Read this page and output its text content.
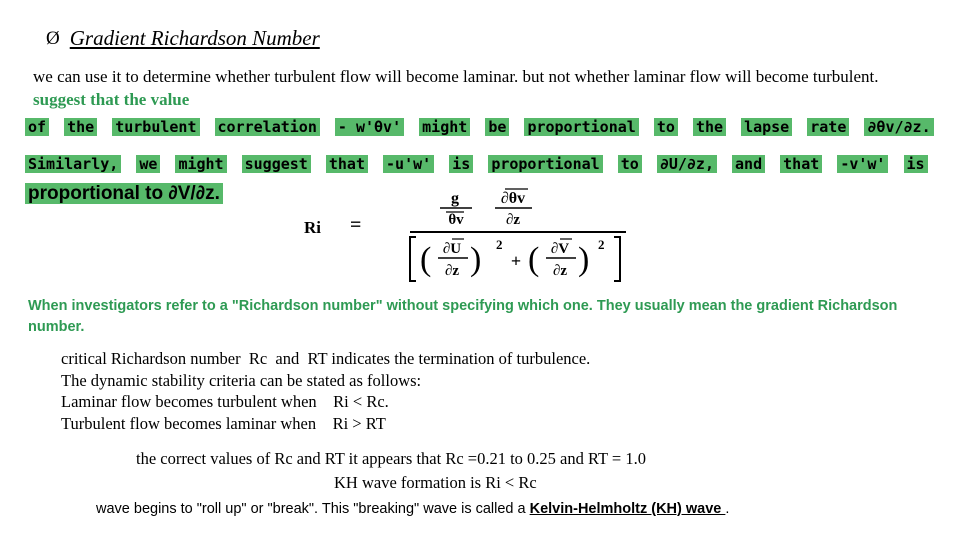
Ø Gradient Richardson Number
we can use it to determine whether turbulent flow will become laminar. but not whether laminar flow will become turbulent. suggest that the value
of the turbulent correlation - w'θv' might be proportional to the lapse rate ∂θv/∂z.
Similarly, we might suggest that -u'w' is proportional to ∂U/∂z, and that -v'w' is
proportional to ∂V/∂z.
Ri =
g
θv
∂θv
∂z
( ∂U
∂z ) 2
+ ( ∂V
∂z ) 2
When investigators refer to a "Richardson number" without specifying which one. They usually mean the gradient Richardson number.
critical Richardson number  Rc  and  RT indicates the termination of turbulence.
The dynamic stability criteria can be stated as follows:
Laminar flow becomes turbulent when    Ri < Rc.
Turbulent flow becomes laminar when    Ri > RT
the correct values of Rc and RT it appears that Rc =0.21 to 0.25 and RT = 1.0
KH wave formation is Ri < Rc
wave begins to "roll up" or "break". This "breaking" wave is called a Kelvin-Helmholtz (KH) wave .
